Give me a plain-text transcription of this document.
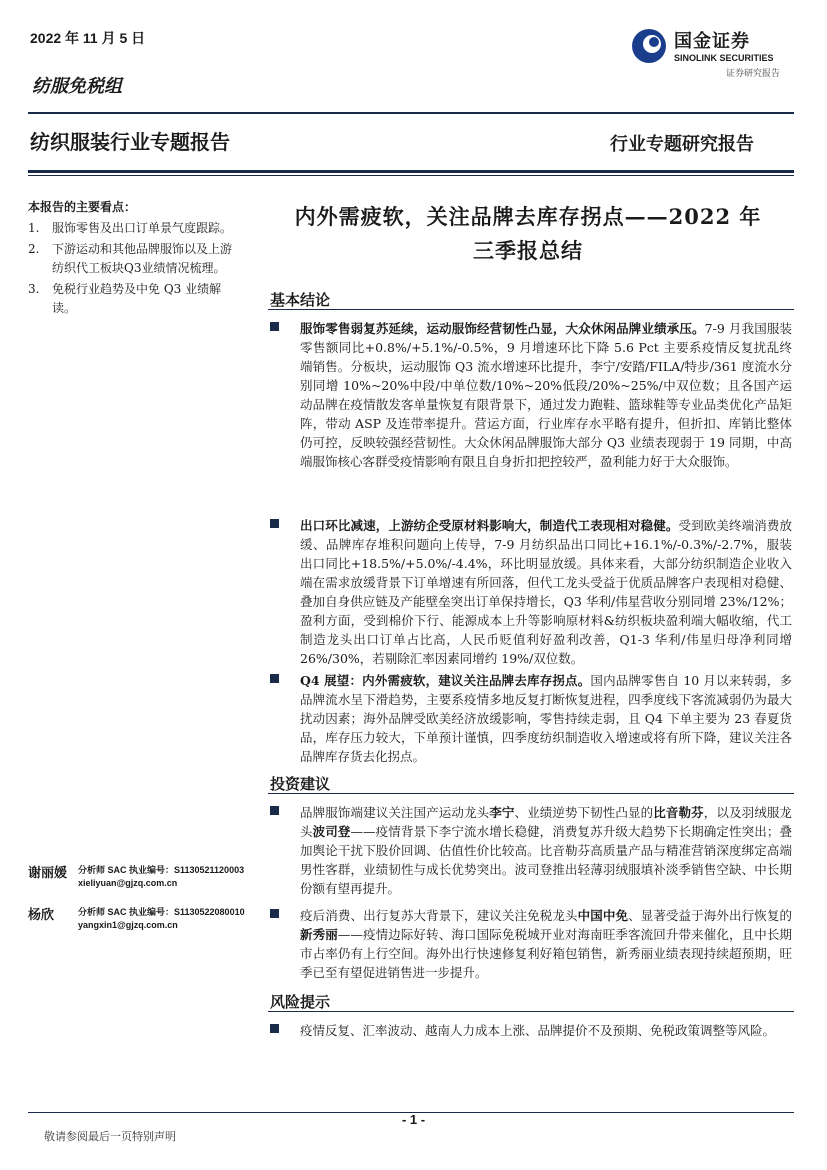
2022 年 11 月 5 日
纺服免税组
国金证券
SINOLINK SECURITIES
证券研究报告
纺织服装行业专题报告	行业专题研究报告
本报告的主要看点：
1.	服饰零售及出口订单景气度跟踪。
2.	下游运动和其他品牌服饰以及上游纺织代工板块Q3业绩情况梳理。
3.	免税行业趋势及中免 Q3 业绩解读。
谢丽媛 分析师 SAC 执业编号：S1130521120003
xieliyuan@gjzq.com.cn
杨欣	分析师 SAC 执业编号：S1130522080010
yangxin1@gjzq.com.cn
内外需疲软，关注品牌去库存拐点——2022 年
三季报总结
基本结论
服饰零售弱复苏延续，运动服饰经营韧性凸显，大众休闲品牌业绩承压。7-9 月我国服装零售额同比+0.8%/+5.1%/-0.5%，9 月增速环比下降 5.6 Pct 主要系疫情反复扰乱终端销售。分板块，运动服饰 Q3 流水增速环比提升，李宁/安踏/FILA/特步/361 度流水分别同增 10%~20%中段/中单位数/10%~20%低段/20%~25%/中双位数；且各国产运动品牌在疫情散发客单量恢复有限背景下，通过发力跑鞋、篮球鞋等专业品类优化产品矩阵，带动 ASP 及连带率提升。营运方面，行业库存水平略有提升，但折扣、库销比整体仍可控，反映较强经营韧性。大众休闲品牌服饰大部分 Q3 业绩表现弱于 19 同期，中高端服饰核心客群受疫情影响有限且自身折扣把控较严，盈利能力好于大众服饰。
出口环比减速，上游纺企受原材料影响大，制造代工表现相对稳健。受到欧美终端消费放缓、品牌库存堆积问题向上传导，7-9 月纺织品出口同比+16.1%/-0.3%/-2.7%，服装出口同比+18.5%/+5.0%/-4.4%，环比明显放缓。具体来看，大部分纺织制造企业收入端在需求放缓背景下订单增速有所回落，但代工龙头受益于优质品牌客户表现相对稳健、叠加自身供应链及产能壁垒突出订单保持增长，Q3 华利/伟星营收分别同增 23%/12%；盈利方面，受到棉价下行、能源成本上升等影响原材料&纺织板块盈利端大幅收缩，代工制造龙头出口订单占比高，人民币贬值利好盈利改善，Q1-3 华利/伟星归母净利同增 26%/30%，若剔除汇率因素同增约 19%/双位数。
Q4 展望：内外需疲软，建议关注品牌去库存拐点。国内品牌零售自 10 月以来转弱，多品牌流水呈下滑趋势，主要系疫情多地反复打断恢复进程，四季度线下客流减弱仍为最大扰动因素；海外品牌受欧美经济放缓影响，零售持续走弱，且 Q4 下单主要为 23 春夏货品，库存压力较大，下单预计谨慎，四季度纺织制造收入增速或将有所下降，建议关注各品牌库存货去化拐点。
投资建议
品牌服饰端建议关注国产运动龙头李宁、业绩逆势下韧性凸显的比音勒芬，以及羽绒服龙头波司登——疫情背景下李宁流水增长稳健，消费复苏升级大趋势下长期确定性突出；叠加舆论干扰下股价回调、估值性价比较高。比音勒芬高质量产品与精准营销深度绑定高端男性客群，业绩韧性与成长优势突出。波司登推出轻薄羽绒服填补淡季销售空缺、中长期份额有望再提升。
疫后消费、出行复苏大背景下，建议关注免税龙头中国中免、显著受益于海外出行恢复的新秀丽——疫情边际好转、海口国际免税城开业对海南旺季客流回升带来催化，且中长期市占率仍有上行空间。海外出行快速修复利好箱包销售，新秀丽业绩表现持续超预期，旺季已至有望促进销售进一步提升。
风险提示
疫情反复、汇率波动、越南人力成本上涨、品牌提价不及预期、免税政策调整等风险。
- 1 -
敬请参阅最后一页特别声明
